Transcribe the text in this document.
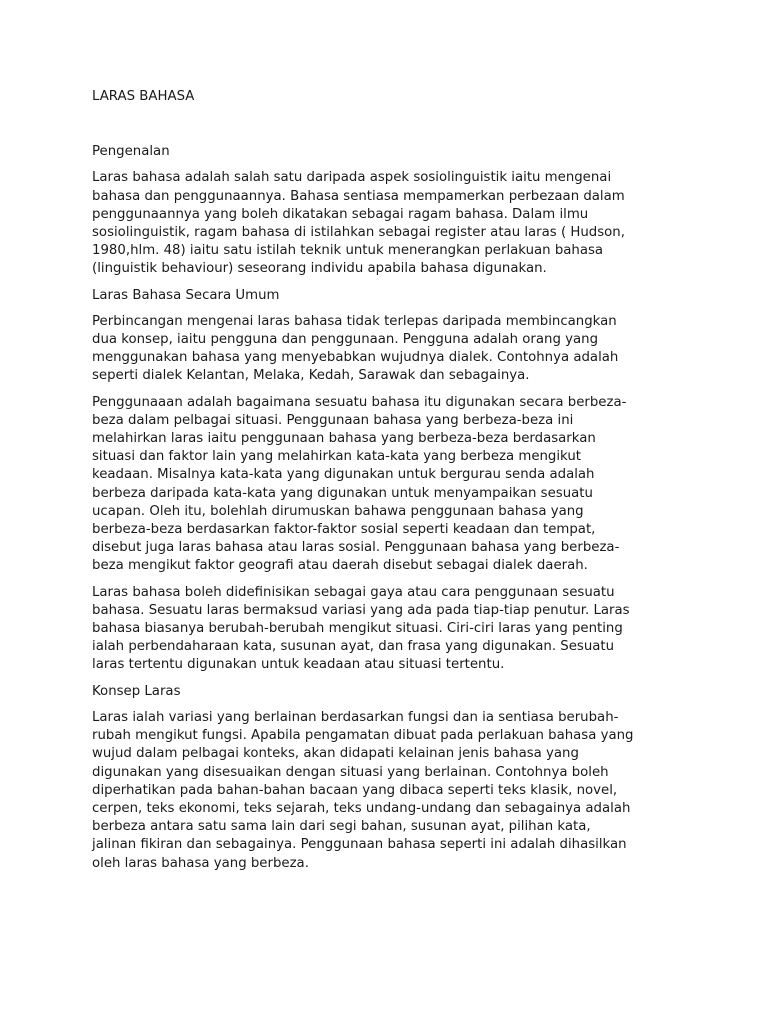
LARAS BAHASA
Pengenalan
Laras bahasa adalah salah satu daripada aspek sosiolinguistik iaitu mengenai
bahasa dan penggunaannya. Bahasa sentiasa mempamerkan perbezaan dalam
penggunaannya yang boleh dikatakan sebagai ragam bahasa. Dalam ilmu
sosiolinguistik, ragam bahasa di istilahkan sebagai register atau laras ( Hudson,
1980,hlm. 48) iaitu satu istilah teknik untuk menerangkan perlakuan bahasa
(linguistik behaviour) seseorang individu apabila bahasa digunakan.
Laras Bahasa Secara Umum
Perbincangan mengenai laras bahasa tidak terlepas daripada membincangkan
dua konsep, iaitu pengguna dan penggunaan. Pengguna adalah orang yang
menggunakan bahasa yang menyebabkan wujudnya dialek. Contohnya adalah
seperti dialek Kelantan, Melaka, Kedah, Sarawak dan sebagainya.
Penggunaaan adalah bagaimana sesuatu bahasa itu digunakan secara berbeza-
beza dalam pelbagai situasi. Penggunaan bahasa yang berbeza-beza ini
melahirkan laras iaitu penggunaan bahasa yang berbeza-beza berdasarkan
situasi dan faktor lain yang melahirkan kata-kata yang berbeza mengikut
keadaan. Misalnya kata-kata yang digunakan untuk bergurau senda adalah
berbeza daripada kata-kata yang digunakan untuk menyampaikan sesuatu
ucapan. Oleh itu, bolehlah dirumuskan bahawa penggunaan bahasa yang
berbeza-beza berdasarkan faktor-faktor sosial seperti keadaan dan tempat,
disebut juga laras bahasa atau laras sosial. Penggunaan bahasa yang berbeza-
beza mengikut faktor geografi atau daerah disebut sebagai dialek daerah.
Laras bahasa boleh didefinisikan sebagai gaya atau cara penggunaan sesuatu
bahasa. Sesuatu laras bermaksud variasi yang ada pada tiap-tiap penutur. Laras
bahasa biasanya berubah-berubah mengikut situasi. Ciri-ciri laras yang penting
ialah perbendaharaan kata, susunan ayat, dan frasa yang digunakan. Sesuatu
laras tertentu digunakan untuk keadaan atau situasi tertentu.
Konsep Laras
Laras ialah variasi yang berlainan berdasarkan fungsi dan ia sentiasa berubah-
rubah mengikut fungsi. Apabila pengamatan dibuat pada perlakuan bahasa yang
wujud dalam pelbagai konteks, akan didapati kelainan jenis bahasa yang
digunakan yang disesuaikan dengan situasi yang berlainan. Contohnya boleh
diperhatikan pada bahan-bahan bacaan yang dibaca seperti teks klasik, novel,
cerpen, teks ekonomi, teks sejarah, teks undang-undang dan sebagainya adalah
berbeza antara satu sama lain dari segi bahan, susunan ayat, pilihan kata,
jalinan fikiran dan sebagainya. Penggunaan bahasa seperti ini adalah dihasilkan
oleh laras bahasa yang berbeza.
